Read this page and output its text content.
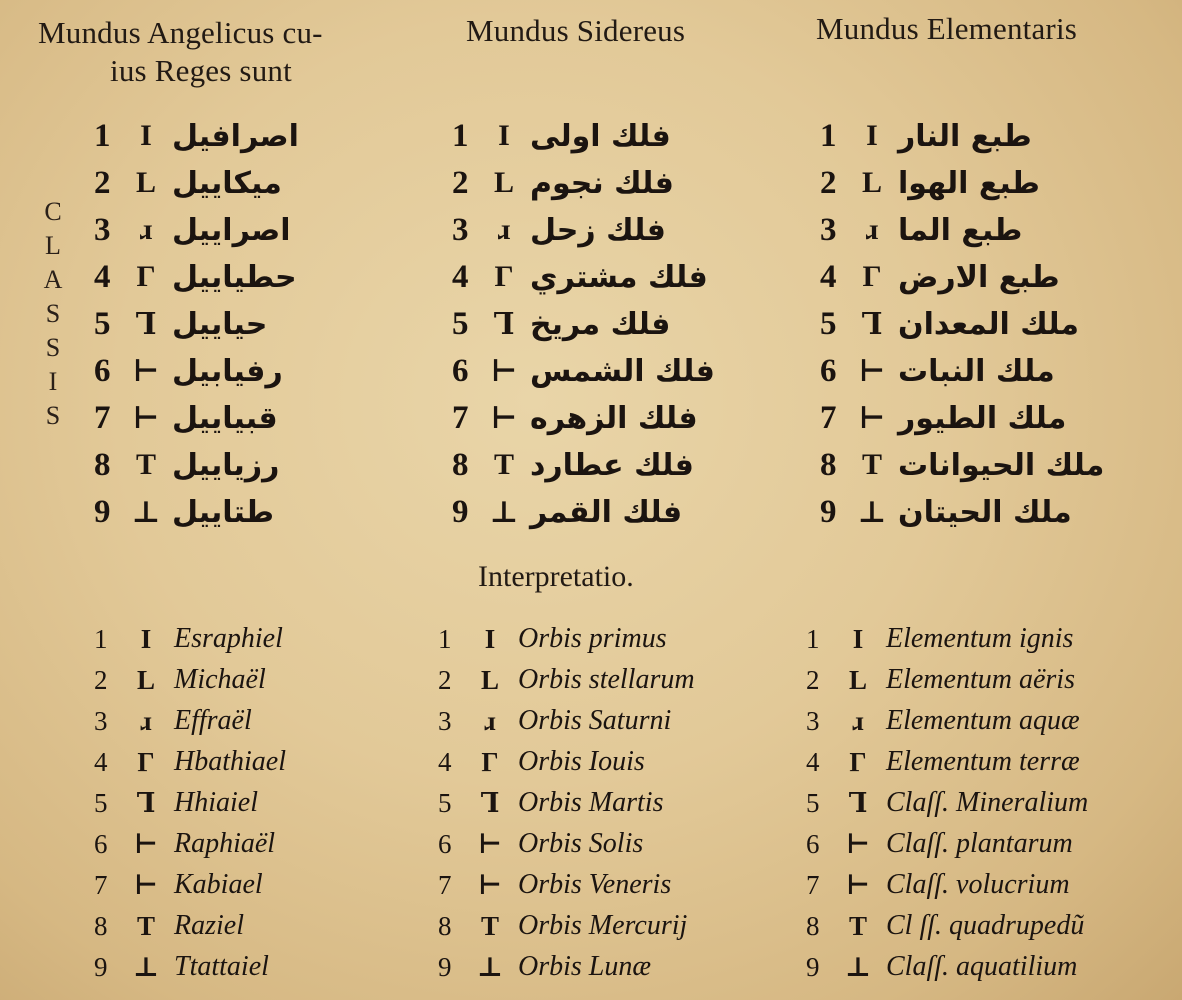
Mundus Angelicus cu-
ius Reges sunt
Mundus Sidereus	Mundus Elementaris
C
L
A
S
S
I
S
1 I اصرافيل
2 L ميكاييل
3 ɹ اصراييل
4 Γ حطياييل
5 Ꞁ حياييل
6 ⊢ رفيابيل
7 ⊢ قبياييل
8 T رزياييل
9 ⊥ طتاييل
1 I فلك اولى
2 L فلك نجوم
3 ɹ فلك زحل
4 Γ فلك مشتري
5 Ꞁ فلك مريخ
6 ⊢ فلك الشمس
7 ⊢ فلك الزهره
8 T فلك عطارد
9 ⊥ فلك القمر
1 I طبع النار
2 L طبع الهوا
3 ɹ طبع الما
4 Γ طبع الارض
5 Ꞁ ملك المعدان
6 ⊢ ملك النبات
7 ⊢ ملك الطيور
8 T ملك الحيوانات
9 ⊥ ملك الحيتان
Interpretatio.
1	I Esraphiel
2	L Michaël
3	ɹ Effraël
4	Γ Hbathiael
5	Ꞁ Hhiaiel
6 ⊢ Raphiaël
7 ⊢ Kabiael
8	T Raziel
9 ⊥ Ttattaiel
1	I Orbis primus
2	L Orbis stellarum
3	ɹ Orbis Saturni
4	Γ Orbis Iouis
5	Ꞁ Orbis Martis
6 ⊢ Orbis Solis
7 ⊢ Orbis Veneris
8	T Orbis Mercurij
9 ⊥ Orbis Lunæ
1	I Elementum ignis
2	L Elementum aëris
3	ɹ Elementum aquæ
4	Γ Elementum terræ
5	Ꞁ Claſſ. Mineralium
6 ⊢ Claſſ. plantarum
7 ⊢ Claſſ. volucrium
8	T Cl ſſ. quadrupedũ
9 ⊥ Claſſ. aquatilium
